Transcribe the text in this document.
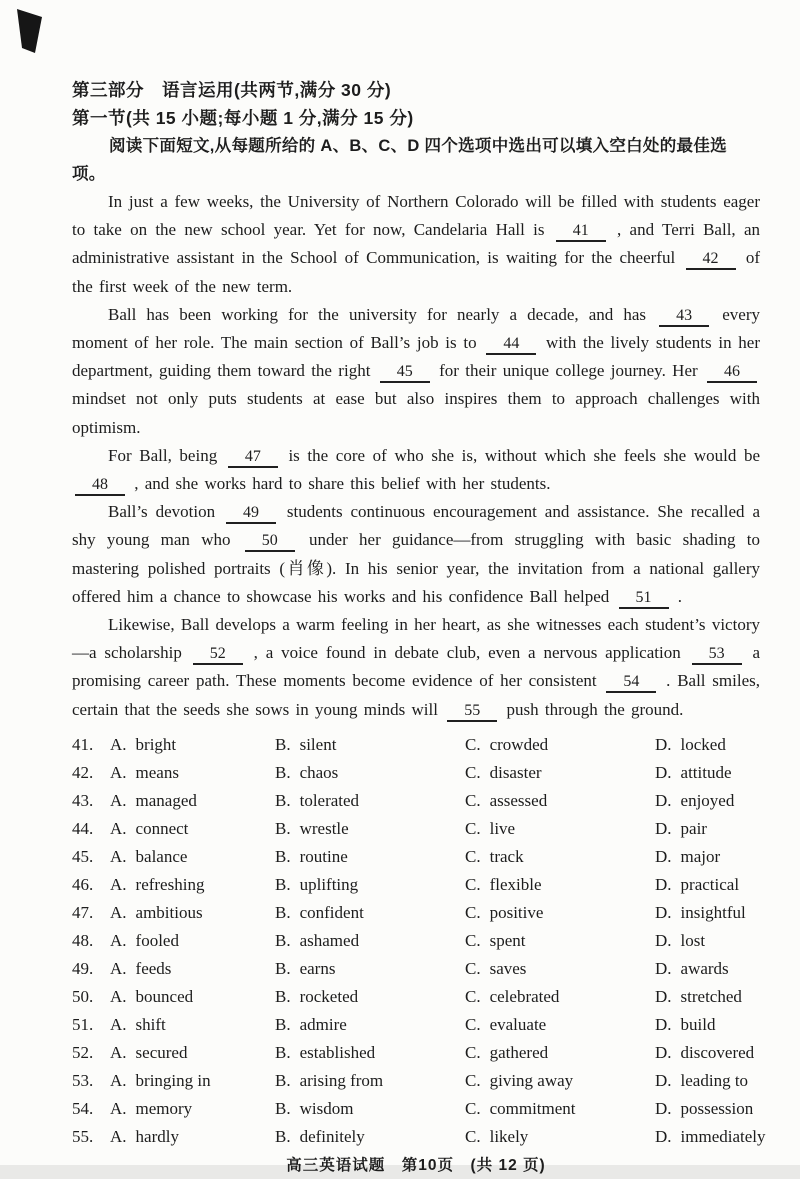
第三部分　语言运用(共两节,满分 30 分)
第一节(共 15 小题;每小题 1 分,满分 15 分)
阅读下面短文,从每题所给的 A、B、C、D 四个选项中选出可以填入空白处的最佳选项。

In just a few weeks, the University of Northern Colorado will be filled with students eager to take on the new school year. Yet for now, Candelaria Hall is 41 , and Terri Ball, an administrative assistant in the School of Communication, is waiting for the cheerful 42 of the first week of the new term.

Ball has been working for the university for nearly a decade, and has 43 every moment of her role. The main section of Ball’s job is to 44 with the lively students in her department, guiding them toward the right 45 for their unique college journey. Her 46 mindset not only puts students at ease but also inspires them to approach challenges with optimism.

For Ball, being 47 is the core of who she is, without which she feels she would be 48 , and she works hard to share this belief with her students.

Ball’s devotion 49 students continuous encouragement and assistance. She recalled a shy young man who 50 under her guidance—from struggling with basic shading to mastering polished portraits (肖像). In his senior year, the invitation from a national gallery offered him a chance to showcase his works and his confidence Ball helped 51 .

Likewise, Ball develops a warm feeling in her heart, as she witnesses each student’s victory—a scholarship 52 , a voice found in debate club, even a nervous application 53 a promising career path. These moments become evidence of her consistent 54 . Ball smiles, certain that the seeds she sows in young minds will 55 push through the ground.

41. A. bright	B. silent	C. crowded	D. locked
42. A. means	B. chaos	C. disaster	D. attitude
43. A. managed	B. tolerated	C. assessed	D. enjoyed
44. A. connect	B. wrestle	C. live	D. pair
45. A. balance	B. routine	C. track	D. major
46. A. refreshing	B. uplifting	C. flexible	D. practical
47. A. ambitious	B. confident	C. positive	D. insightful
48. A. fooled	B. ashamed	C. spent	D. lost
49. A. feeds	B. earns	C. saves	D. awards
50. A. bounced	B. rocketed	C. celebrated	D. stretched
51. A. shift	B. admire	C. evaluate	D. build
52. A. secured	B. established	C. gathered	D. discovered
53. A. bringing in	B. arising from	C. giving away	D. leading to
54. A. memory	B. wisdom	C. commitment	D. possession
55. A. hardly	B. definitely	C. likely	D. immediately
高三英语试题　第10页　(共 12 页)
